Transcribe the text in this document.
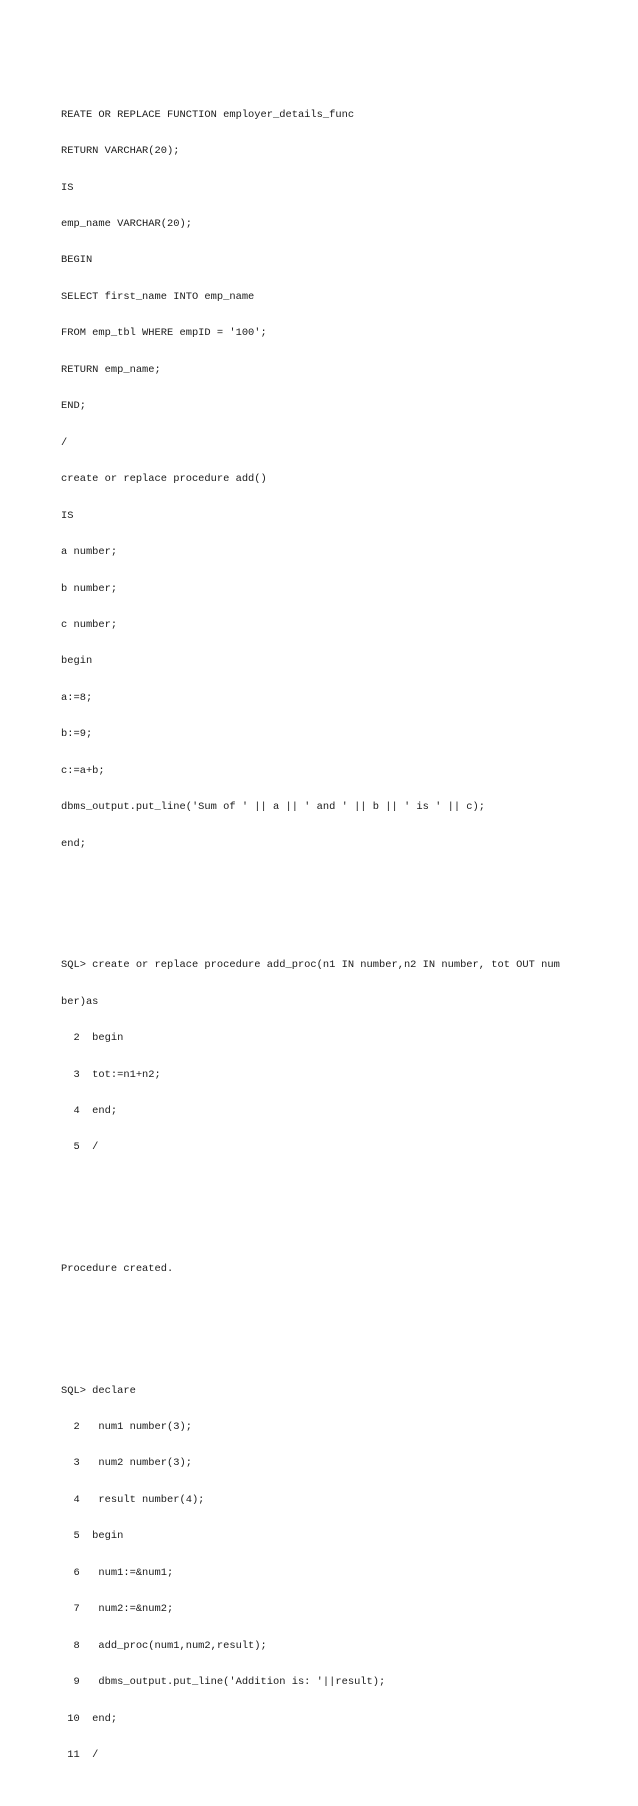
REATE OR REPLACE FUNCTION employer_details_func

RETURN VARCHAR(20);

IS

emp_name VARCHAR(20);

BEGIN

SELECT first_name INTO emp_name

FROM emp_tbl WHERE empID = '100';

RETURN emp_name;

END;

/

create or replace procedure add()

IS

a number;

b number;

c number;

begin

a:=8;

b:=9;

c:=a+b;

dbms_output.put_line('Sum of ' || a || ' and ' || b || ' is ' || c);

end;

SQL> create or replace procedure add_proc(n1 IN number,n2 IN number, tot OUT num

ber)as

2  begin

3  tot:=n1+n2;

4  end;

5  /

Procedure created.

SQL> declare

2   num1 number(3);

3   num2 number(3);

4   result number(4);

5  begin

6   num1:=&num1;

7   num2:=&num2;

8   add_proc(num1,num2,result);

9   dbms_output.put_line('Addition is: '||result);

10  end;

11  /
